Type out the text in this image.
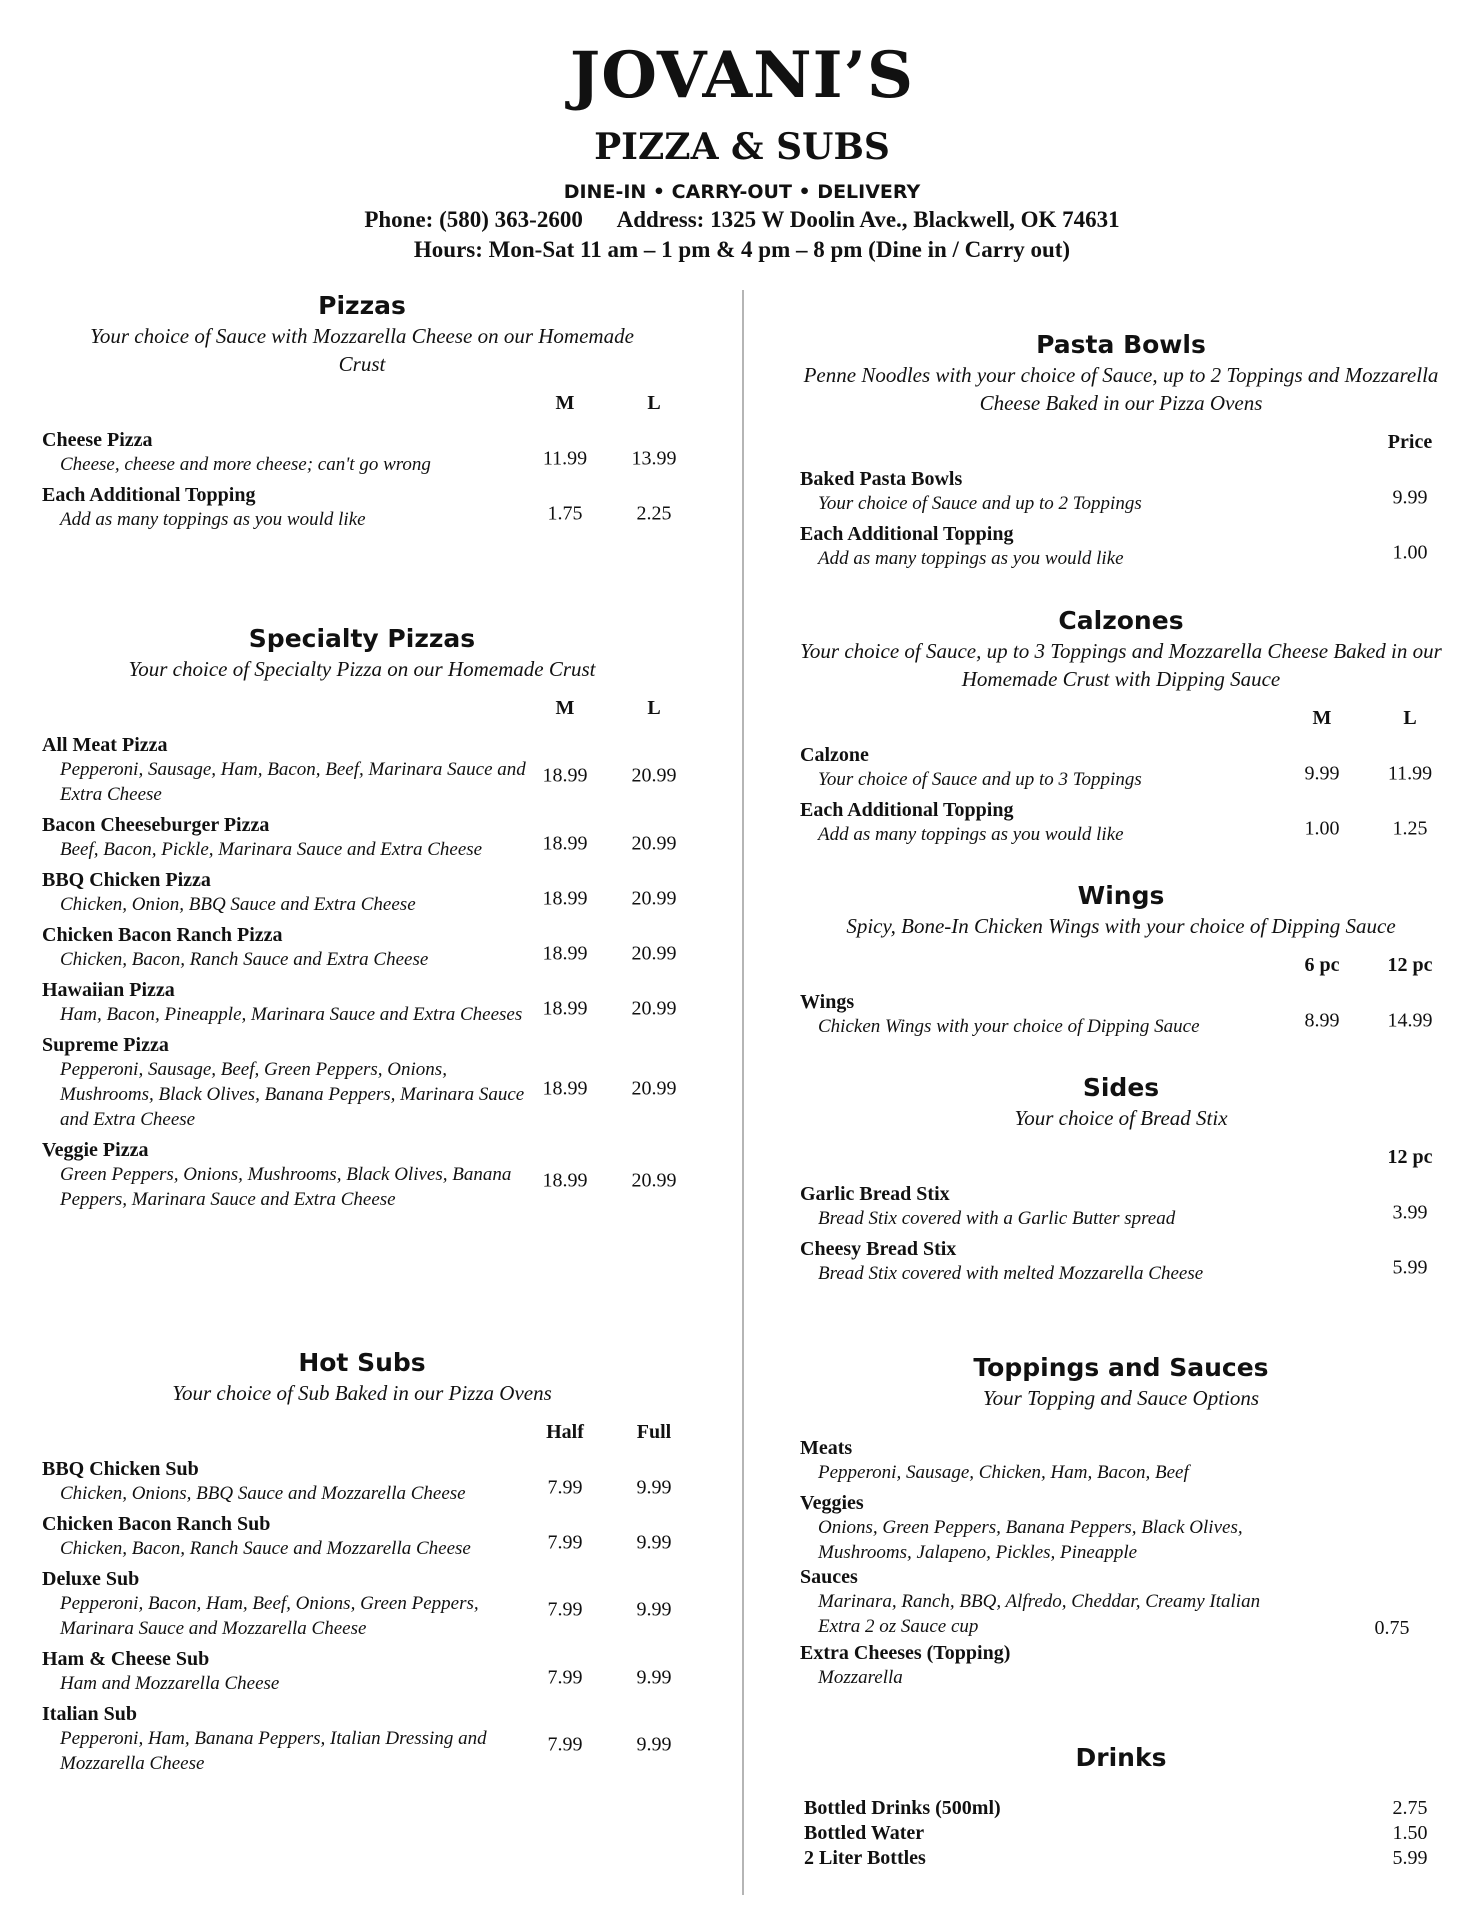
JOVANI’S
PIZZA & SUBS
DINE-IN • CARRY-OUT • DELIVERY
Phone: (580) 363-2600 Address: 1325 W Doolin Ave., Blackwell, OK 74631
Hours: Mon-Sat 11 am – 1 pm & 4 pm – 8 pm (Dine in / Carry out)
Pizzas
Your choice of Sauce with Mozzarella Cheese on our Homemade Crust
M	L
Cheese Pizza
Cheese, cheese and more cheese; can't go wrong	11.99	13.99
Each Additional Topping
Add as many toppings as you would like	1.75	2.25
Specialty Pizzas
Your choice of Specialty Pizza on our Homemade Crust
M	L
All Meat Pizza
Pepperoni, Sausage, Ham, Bacon, Beef, Marinara Sauce and Extra Cheese
18.99	20.99
Bacon Cheeseburger Pizza
Beef, Bacon, Pickle, Marinara Sauce and Extra Cheese	18.99	20.99
BBQ Chicken Pizza
Chicken, Onion, BBQ Sauce and Extra Cheese	18.99	20.99
Chicken Bacon Ranch Pizza
Chicken, Bacon, Ranch Sauce and Extra Cheese	18.99	20.99
Hawaiian Pizza
Ham, Bacon, Pineapple, Marinara Sauce and Extra Cheeses	18.99	20.99
Supreme Pizza
Pepperoni, Sausage, Beef, Green Peppers, Onions, Mushrooms, Black Olives, Banana Peppers, Marinara Sauce and Extra Cheese
18.99	20.99
Veggie Pizza
Green Peppers, Onions, Mushrooms, Black Olives, Banana Peppers, Marinara Sauce and Extra Cheese
18.99	20.99
Hot Subs
Your choice of Sub Baked in our Pizza Ovens
Half	Full
BBQ Chicken Sub
Chicken, Onions, BBQ Sauce and Mozzarella Cheese	7.99	9.99
Chicken Bacon Ranch Sub
Chicken, Bacon, Ranch Sauce and Mozzarella Cheese	7.99	9.99
Deluxe Sub
Pepperoni, Bacon, Ham, Beef, Onions, Green Peppers, Marinara Sauce and Mozzarella Cheese
7.99	9.99
Ham & Cheese Sub
Ham and Mozzarella Cheese	7.99	9.99
Italian Sub
Pepperoni, Ham, Banana Peppers, Italian Dressing and Mozzarella Cheese
7.99	9.99
Pasta Bowls
Penne Noodles with your choice of Sauce, up to 2 Toppings and Mozzarella Cheese Baked in our Pizza Ovens
Price
Baked Pasta Bowls
Your choice of Sauce and up to 2 Toppings	9.99
Each Additional Topping
Add as many toppings as you would like	1.00
Calzones
Your choice of Sauce, up to 3 Toppings and Mozzarella Cheese Baked in our Homemade Crust with Dipping Sauce
M	L
Calzone
Your choice of Sauce and up to 3 Toppings	9.99	11.99
Each Additional Topping
Add as many toppings as you would like	1.00	1.25
Wings
Spicy, Bone-In Chicken Wings with your choice of Dipping Sauce
6 pc	12 pc
Wings
Chicken Wings with your choice of Dipping Sauce	8.99	14.99
Sides
Your choice of Bread Stix
12 pc
Garlic Bread Stix
Bread Stix covered with a Garlic Butter spread	3.99
Cheesy Bread Stix
Bread Stix covered with melted Mozzarella Cheese	5.99
Toppings and Sauces
Your Topping and Sauce Options
Meats
Pepperoni, Sausage, Chicken, Ham, Bacon, Beef
Veggies
Onions, Green Peppers, Banana Peppers, Black Olives, Mushrooms, Jalapeno, Pickles, Pineapple
Sauces
Marinara, Ranch, BBQ, Alfredo, Cheddar, Creamy Italian
Extra 2 oz Sauce cup	0.75
Extra Cheeses (Topping)
Mozzarella
Drinks
Bottled Drinks (500ml)	2.75
Bottled Water	1.50
2 Liter Bottles	5.99
